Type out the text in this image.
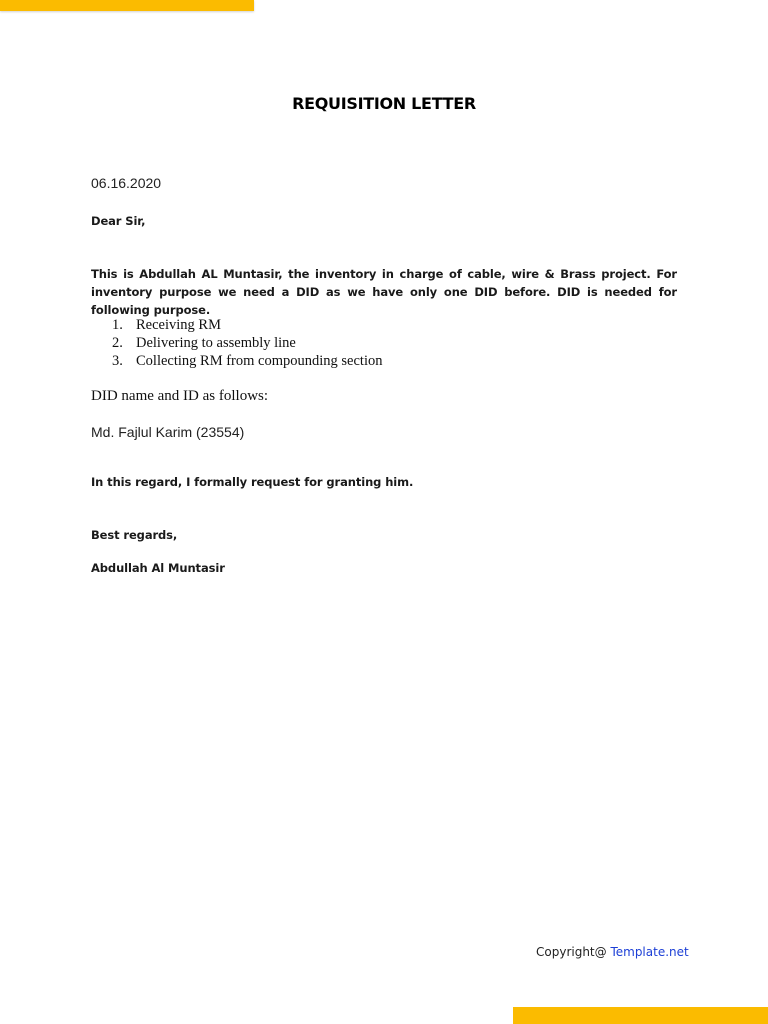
REQUISITION LETTER
06.16.2020
Dear Sir,
This is Abdullah AL Muntasir, the inventory in charge of cable, wire & Brass project. For inventory purpose we need a DID as we have only one DID before. DID is needed for following purpose.
1. Receiving RM
2. Delivering to assembly line
3. Collecting RM from compounding section
DID name and ID as follows:
Md. Fajlul Karim (23554)
In this regard, I formally request for granting him.
Best regards,
Abdullah Al Muntasir
Copyright@ Template.net
